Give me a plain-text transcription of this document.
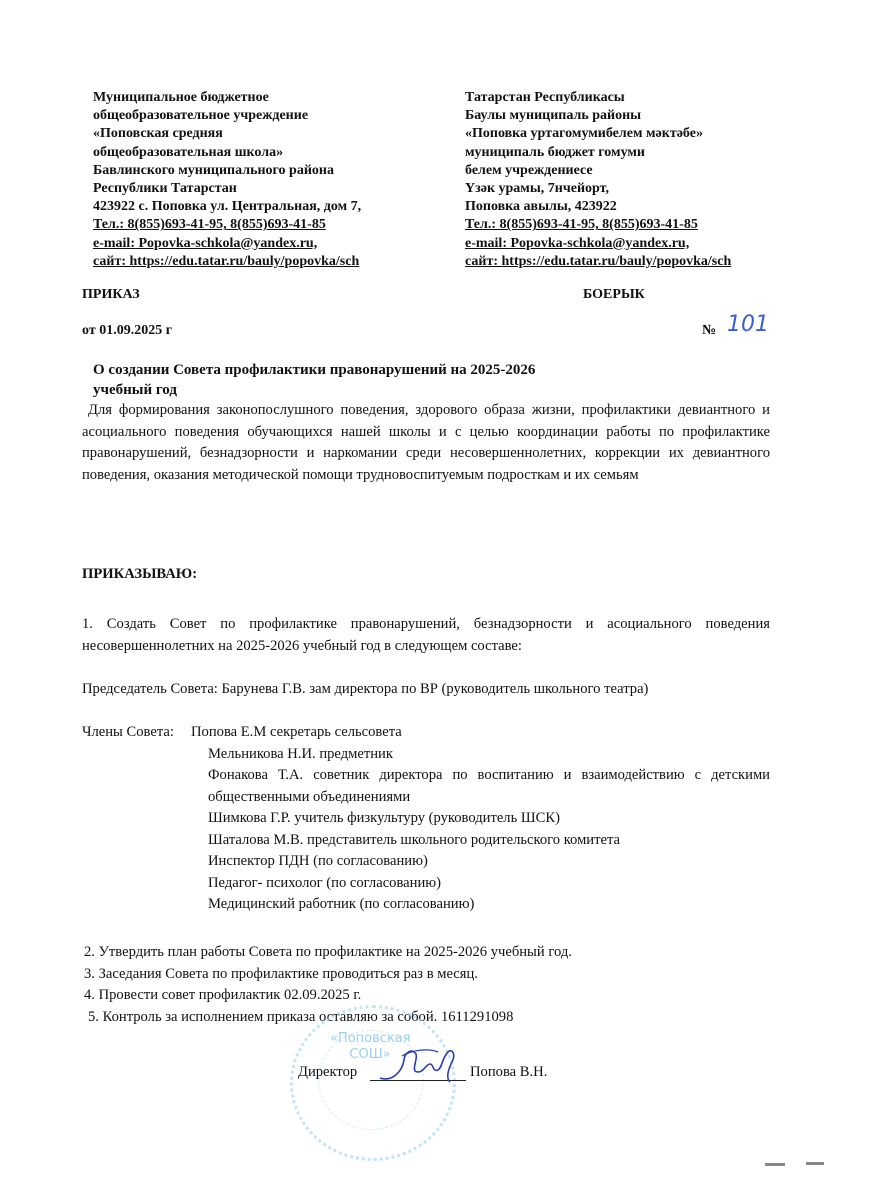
Муниципальное бюджетное
общеобразовательное учреждение
«Поповская средняя
общеобразовательная школа»
Бавлинского муниципального района
Республики Татарстан
423922 с. Поповка ул. Центральная, дом 7,
Тел.: 8(855)693-41-95, 8(855)693-41-85
e-mail: Popovka-schkola@yandex.ru,
сайт: https://edu.tatar.ru/bauly/popovka/sch
Татарстан Республикасы
Баулы муниципаль районы
«Поповка уртагомумибелем мәктәбе»
муниципаль бюджет гомуми
белем учреждениесе
Үзәк урамы, 7нчейорт,
Поповка авылы, 423922
Тел.: 8(855)693-41-95, 8(855)693-41-85
e-mail: Popovka-schkola@yandex.ru,
сайт: https://edu.tatar.ru/bauly/popovka/sch
ПРИКАЗ	БОЕРЫК
от 01.09.2025 г	№ 101
О создании Совета профилактики правонарушений на 2025-2026
учебный год
Для формирования законопослушного поведения, здорового образа жизни, профилактики девиантного и асоциального поведения обучающихся нашей школы и с целью координации работы по профилактике правонарушений, безнадзорности и наркомании среди несовершеннолетних, коррекции их девиантного поведения, оказания методической помощи трудновоспитуемым подросткам и их семьям
ПРИКАЗЫВАЮ:
1. Создать Совет по профилактике правонарушений, безнадзорности и асоциального поведения несовершеннолетних на 2025-2026 учебный год в следующем составе:
Председатель Совета: Барунева Г.В. зам директора по ВР (руководитель школьного театра)
Члены Совета: Попова Е.М секретарь сельсовета
Мельникова Н.И. предметник
Фонакова Т.А. советник директора по воспитанию и взаимодействию с детскими общественными объединениями
Шимкова Г.Р. учитель физкультуру (руководитель ШСК)
Шаталова М.В. представитель школьного родительского комитета
Инспектор ПДН (по согласованию)
Педагог- психолог (по согласованию)
Медицинский работник (по согласованию)
2. Утвердить план работы Совета по профилактике на 2025-2026 учебный год.
3. Заседания Совета по профилактике проводиться раз в месяц.
4. Провести совет профилактик 02.09.2025 г.
5. Контроль за исполнением приказа оставляю за собой. 1611291098
«Поповская СОШ»
Директор	Попова В.Н.
